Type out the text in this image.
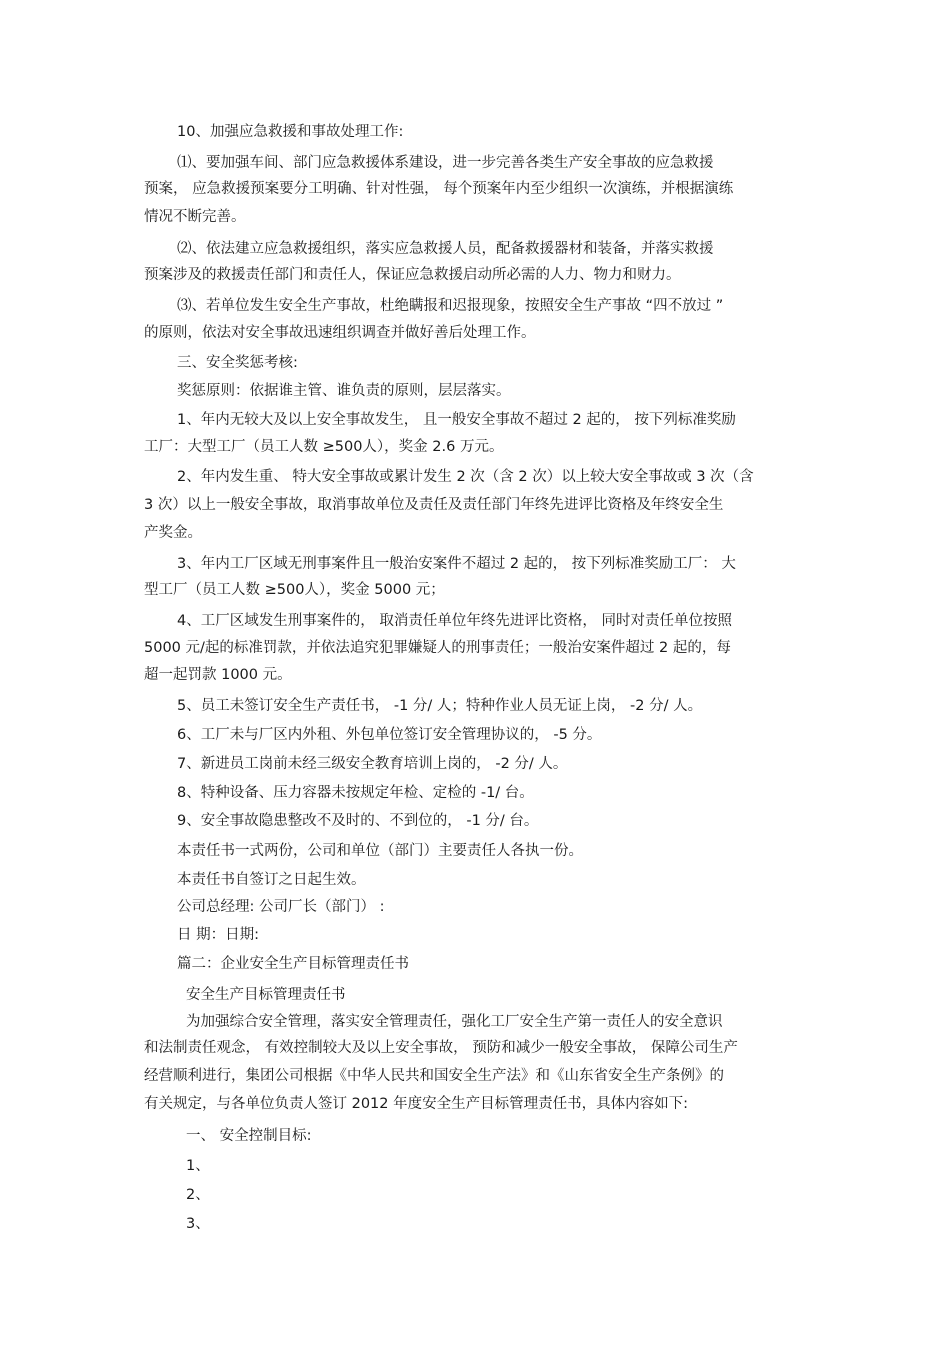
10、加强应急救援和事故处理工作:
⑴、要加强车间、部门应急救援体系建设，进一步完善各类生产安全事故的应急救援
预案， 应急救援预案要分工明确、针对性强， 每个预案年内至少组织一次演练，并根据演练
情况不断完善。
⑵、依法建立应急救援组织，落实应急救援人员，配备救援器材和装备，并落实救援
预案涉及的救援责任部门和责任人，保证应急救援启动所必需的人力、物力和财力。
⑶、若单位发生安全生产事故，杜绝瞒报和迟报现象，按照安全生产事故 “四不放过 ”
的原则，依法对安全事故迅速组织调查并做好善后处理工作。
三、安全奖惩考核:
奖惩原则：依据谁主管、谁负责的原则，层层落实。
1、年内无较大及以上安全事故发生， 且一般安全事故不超过 2 起的， 按下列标准奖励
工厂：大型工厂（员工人数 ≥500人），奖金 2.6 万元。
2、年内发生重、 特大安全事故或累计发生 2 次（含 2 次）以上较大安全事故或 3 次（含
3 次）以上一般安全事故，取消事故单位及责任及责任部门年终先进评比资格及年终安全生
产奖金。
3、年内工厂区域无刑事案件且一般治安案件不超过 2 起的， 按下列标准奖励工厂： 大
型工厂（员工人数 ≥500人），奖金 5000 元；
4、工厂区域发生刑事案件的， 取消责任单位年终先进评比资格， 同时对责任单位按照
5000 元/起的标准罚款，并依法追究犯罪嫌疑人的刑事责任；一般治安案件超过 2 起的，每
超一起罚款 1000 元。
5、员工未签订安全生产责任书， -1 分/ 人；特种作业人员无证上岗， -2 分/ 人。
6、工厂未与厂区内外租、外包单位签订安全管理协议的， -5 分。
7、新进员工岗前未经三级安全教育培训上岗的， -2 分/ 人。
8、特种设备、压力容器未按规定年检、定检的 -1/ 台。
9、安全事故隐患整改不及时的、不到位的， -1 分/ 台。
本责任书一式两份，公司和单位（部门）主要责任人各执一份。
本责任书自签订之日起生效。
公司总经理: 公司厂长（部门） :
日 期：日期:
篇二：企业安全生产目标管理责任书
安全生产目标管理责任书
为加强综合安全管理，落实安全管理责任，强化工厂安全生产第一责任人的安全意识
和法制责任观念， 有效控制较大及以上安全事故， 预防和减少一般安全事故， 保障公司生产
经营顺利进行，集团公司根据《中华人民共和国安全生产法》和《山东省安全生产条例》的
有关规定，与各单位负责人签订 2012 年度安全生产目标管理责任书，具体内容如下:
一、 安全控制目标:
1、
2、
3、
